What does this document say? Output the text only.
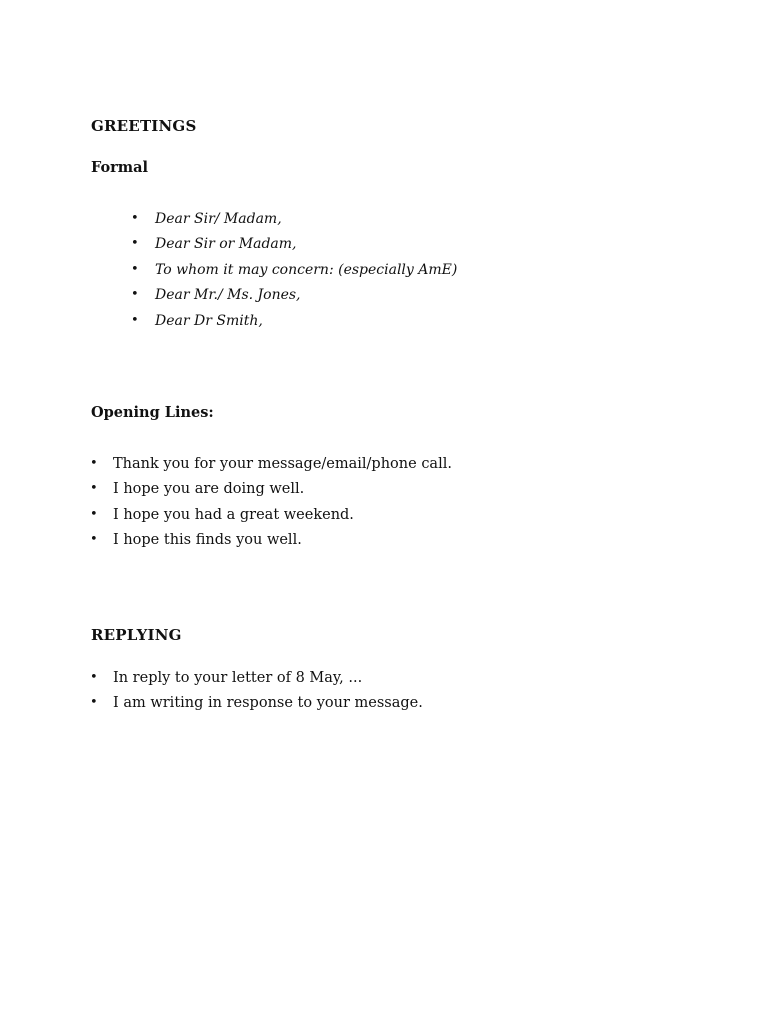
GREETINGS
Formal
• Dear Sir/ Madam,
• Dear Sir or Madam,
• To whom it may concern: (especially AmE)
• Dear Mr./ Ms. Jones,
• Dear Dr Smith,
Opening Lines:
• Thank you for your message/email/phone call.
• I hope you are doing well.
• I hope you had a great weekend.
• I hope this finds you well.
REPLYING
• In reply to your letter of 8 May, ...
• I am writing in response to your message.
